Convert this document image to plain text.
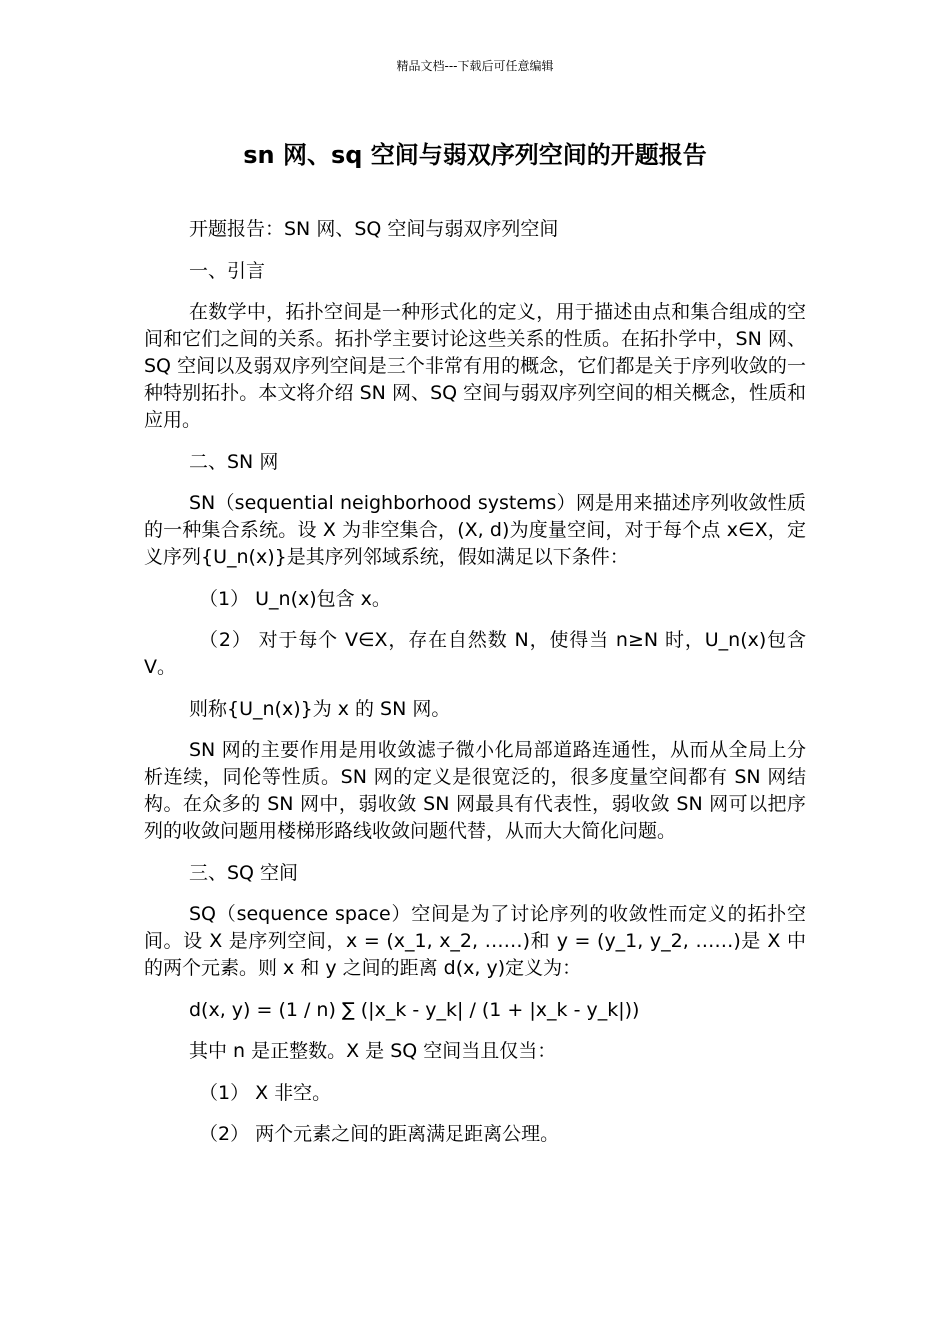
精品文档---下载后可任意编辑
sn 网、sq 空间与弱双序列空间的开题报告

开题报告：SN 网、SQ 空间与弱双序列空间

一、引言

在数学中，拓扑空间是一种形式化的定义，用于描述由点和集合组成的空间和它们之间的关系。拓扑学主要讨论这些关系的性质。在拓扑学中，SN 网、SQ 空间以及弱双序列空间是三个非常有用的概念，它们都是关于序列收敛的一种特别拓扑。本文将介绍 SN 网、SQ 空间与弱双序列空间的相关概念，性质和应用。

二、SN 网

SN（sequential neighborhood systems）网是用来描述序列收敛性质的一种集合系统。设 X 为非空集合，(X, d)为度量空间，对于每个点 x∈X，定义序列{U_n(x)}是其序列邻域系统，假如满足以下条件：

（1） U_n(x)包含 x。

（2） 对于每个 V∈X，存在自然数 N，使得当 n≥N 时，U_n(x)包含 V。

则称{U_n(x)}为 x 的 SN 网。

SN 网的主要作用是用收敛滤子微小化局部道路连通性，从而从全局上分析连续，同伦等性质。SN 网的定义是很宽泛的，很多度量空间都有 SN 网结构。在众多的 SN 网中，弱收敛 SN 网最具有代表性，弱收敛 SN 网可以把序列的收敛问题用楼梯形路线收敛问题代替，从而大大简化问题。

三、SQ 空间

SQ（sequence space）空间是为了讨论序列的收敛性而定义的拓扑空间。设 X 是序列空间，x = (x_1, x_2, ……)和 y = (y_1, y_2, ……)是 X 中的两个元素。则 x 和 y 之间的距离 d(x, y)定义为：

d(x, y) = (1 / n) ∑ (|x_k - y_k| / (1 + |x_k - y_k|))

其中 n 是正整数。X 是 SQ 空间当且仅当：

（1） X 非空。

（2） 两个元素之间的距离满足距离公理。
